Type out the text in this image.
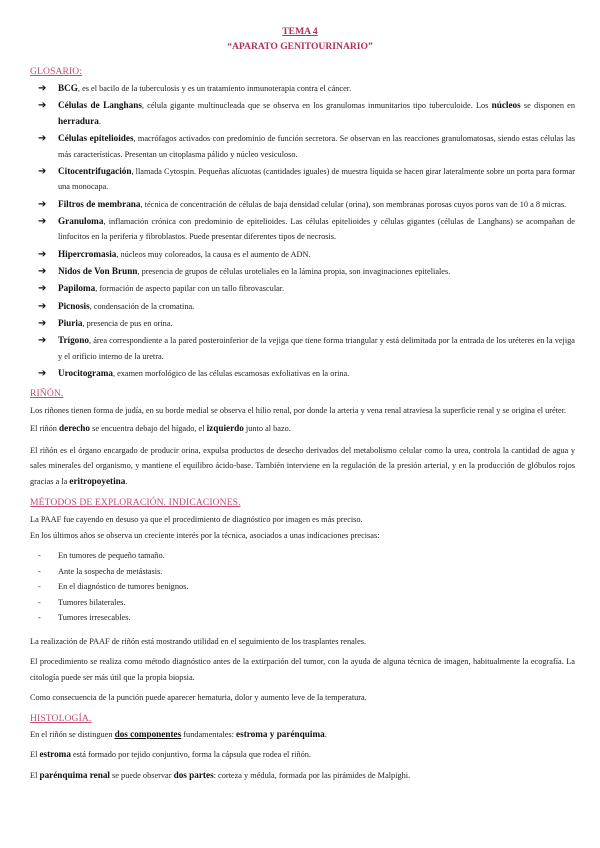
TEMA 4
“APARATO GENITOURINARIO”
GLOSARIO:
➔ BCG, es el bacilo de la tuberculosis y es un tratamiento inmunoterapia contra el cáncer.
➔ Células de Langhans, célula gigante multinucleada que se observa en los granulomas inmunitarios tipo tuberculoide. Los núcleos se disponen en herradura.
➔ Células epitelioides, macrófagos activados con predominio de función secretora. Se observan en las reacciones granulomatosas, siendo estas células las más características. Presentan un citoplasma pálido y núcleo vesiculoso.
➔ Citocentrifugación, llamada Cytospin. Pequeñas alícuotas (cantidades iguales) de muestra líquida se hacen girar lateralmente sobre un porta para formar una monocapa.
➔ Filtros de membrana, técnica de concentración de células de baja densidad celular (orina), son membranas porosas cuyos poros van de 10 a 8 micras.
➔ Granuloma, inflamación crónica con predominio de epitelioides. Las células epitelioides y células gigantes (células de Langhans) se acompañan de linfocitos en la periferia y fibroblastos. Puede presentar diferentes tipos de necrosis.
➔ Hipercromasia, núcleos muy coloreados, la causa es el aumento de ADN.
➔ Nidos de Von Brunn, presencia de grupos de células uroteliales en la lámina propia, son invaginaciones epiteliales.
➔ Papiloma, formación de aspecto papilar con un tallo fibrovascular.
➔ Picnosis, condensación de la cromatina.
➔ Piuria, presencia de pus en orina.
➔ Trígono, área correspondiente a la pared posteroinferior de la vejiga que tiene forma triangular y está delimitada por la entrada de los uréteres en la vejiga y el orificio interno de la uretra.
➔ Urocitograma, examen morfológico de las células escamosas exfoliativas en la orina.
RIÑÓN.

Los riñones tienen forma de judía, en su borde medial se observa el hilio renal, por donde la arteria y vena renal atraviesa la superficie renal y se origina el uréter.

El riñón derecho se encuentra debajo del hígado, el izquierdo junto al bazo.

El riñón es el órgano encargado de producir orina, expulsa productos de desecho derivados del metabolismo celular como la urea, controla la cantidad de agua y sales minerales del organismo, y mantiene el equilibro ácido-base. También interviene en la regulación de la presión arterial, y en la producción de glóbulos rojos gracias a la eritropoyetina.

MÉTODOS DE EXPLORACIÓN. INDICACIONES.

La PAAF fue cayendo en desuso ya que el procedimiento de diagnóstico por imagen es más preciso.

En los últimos años se observa un creciente interés por la técnica, asociados a unas indicaciones precisas:

- En tumores de pequeño tamaño.
- Ante la sospecha de metástasis.
- En el diagnóstico de tumores benignos.
- Tumores bilaterales.
- Tumores irresecables.

La realización de PAAF de riñón está mostrando utilidad en el seguimiento de los trasplantes renales.

El procedimiento se realiza como método diagnóstico antes de la extirpación del tumor, con la ayuda de alguna técnica de imagen, habitualmente la ecografía. La citología puede ser más útil que la propia biopsia.

Como consecuencia de la punción puede aparecer hematuria, dolor y aumento leve de la temperatura.

HISTOLOGÍA.

En el riñón se distinguen dos componentes fundamentales: estroma y parénquima.

El estroma está formado por tejido conjuntivo, forma la cápsula que rodea el riñón.

El parénquima renal se puede observar dos partes: corteza y médula, formada por las pirámides de Malpighi.
